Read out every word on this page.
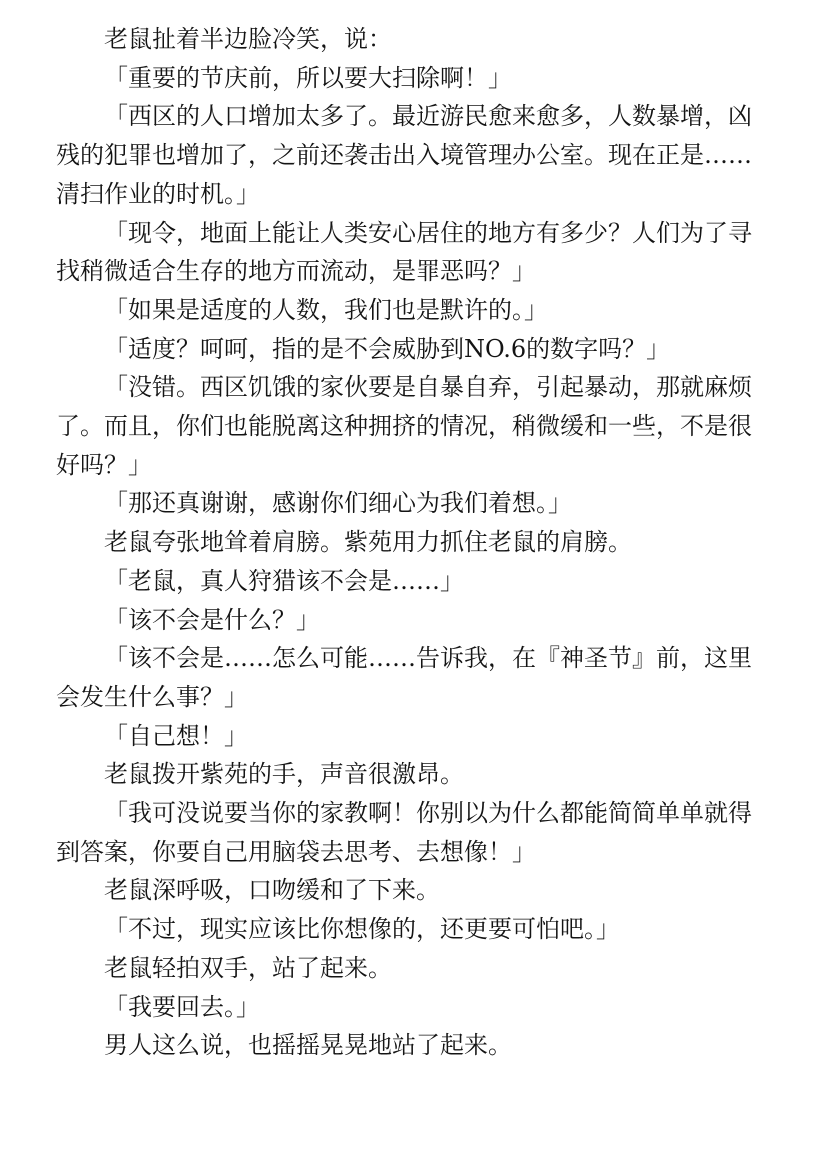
老鼠扯着半边脸冷笑，说：

「重要的节庆前，所以要大扫除啊！」

「西区的人口增加太多了。最近游民愈来愈多，人数暴增，凶残的犯罪也增加了，之前还袭击出入境管理办公室。现在正是……清扫作业的时机。」

「现令，地面上能让人类安心居住的地方有多少？人们为了寻找稍微适合生存的地方而流动，是罪恶吗？」

「如果是适度的人数，我们也是默许的。」

「适度？呵呵，指的是不会威胁到NO.6的数字吗？」

「没错。西区饥饿的家伙要是自暴自弃，引起暴动，那就麻烦了。而且，你们也能脱离这种拥挤的情况，稍微缓和一些，不是很好吗？」

「那还真谢谢，感谢你们细心为我们着想。」

老鼠夸张地耸着肩膀。紫苑用力抓住老鼠的肩膀。

「老鼠，真人狩猎该不会是……」

「该不会是什么？」

「该不会是……怎么可能……告诉我，在『神圣节』前，这里会发生什么事？」

「自己想！」

老鼠拨开紫苑的手，声音很激昂。

「我可没说要当你的家教啊！你别以为什么都能简简单单就得到答案，你要自己用脑袋去思考、去想像！」

老鼠深呼吸，口吻缓和了下来。

「不过，现实应该比你想像的，还更要可怕吧。」

老鼠轻拍双手，站了起来。

「我要回去。」

男人这么说，也摇摇晃晃地站了起来。
